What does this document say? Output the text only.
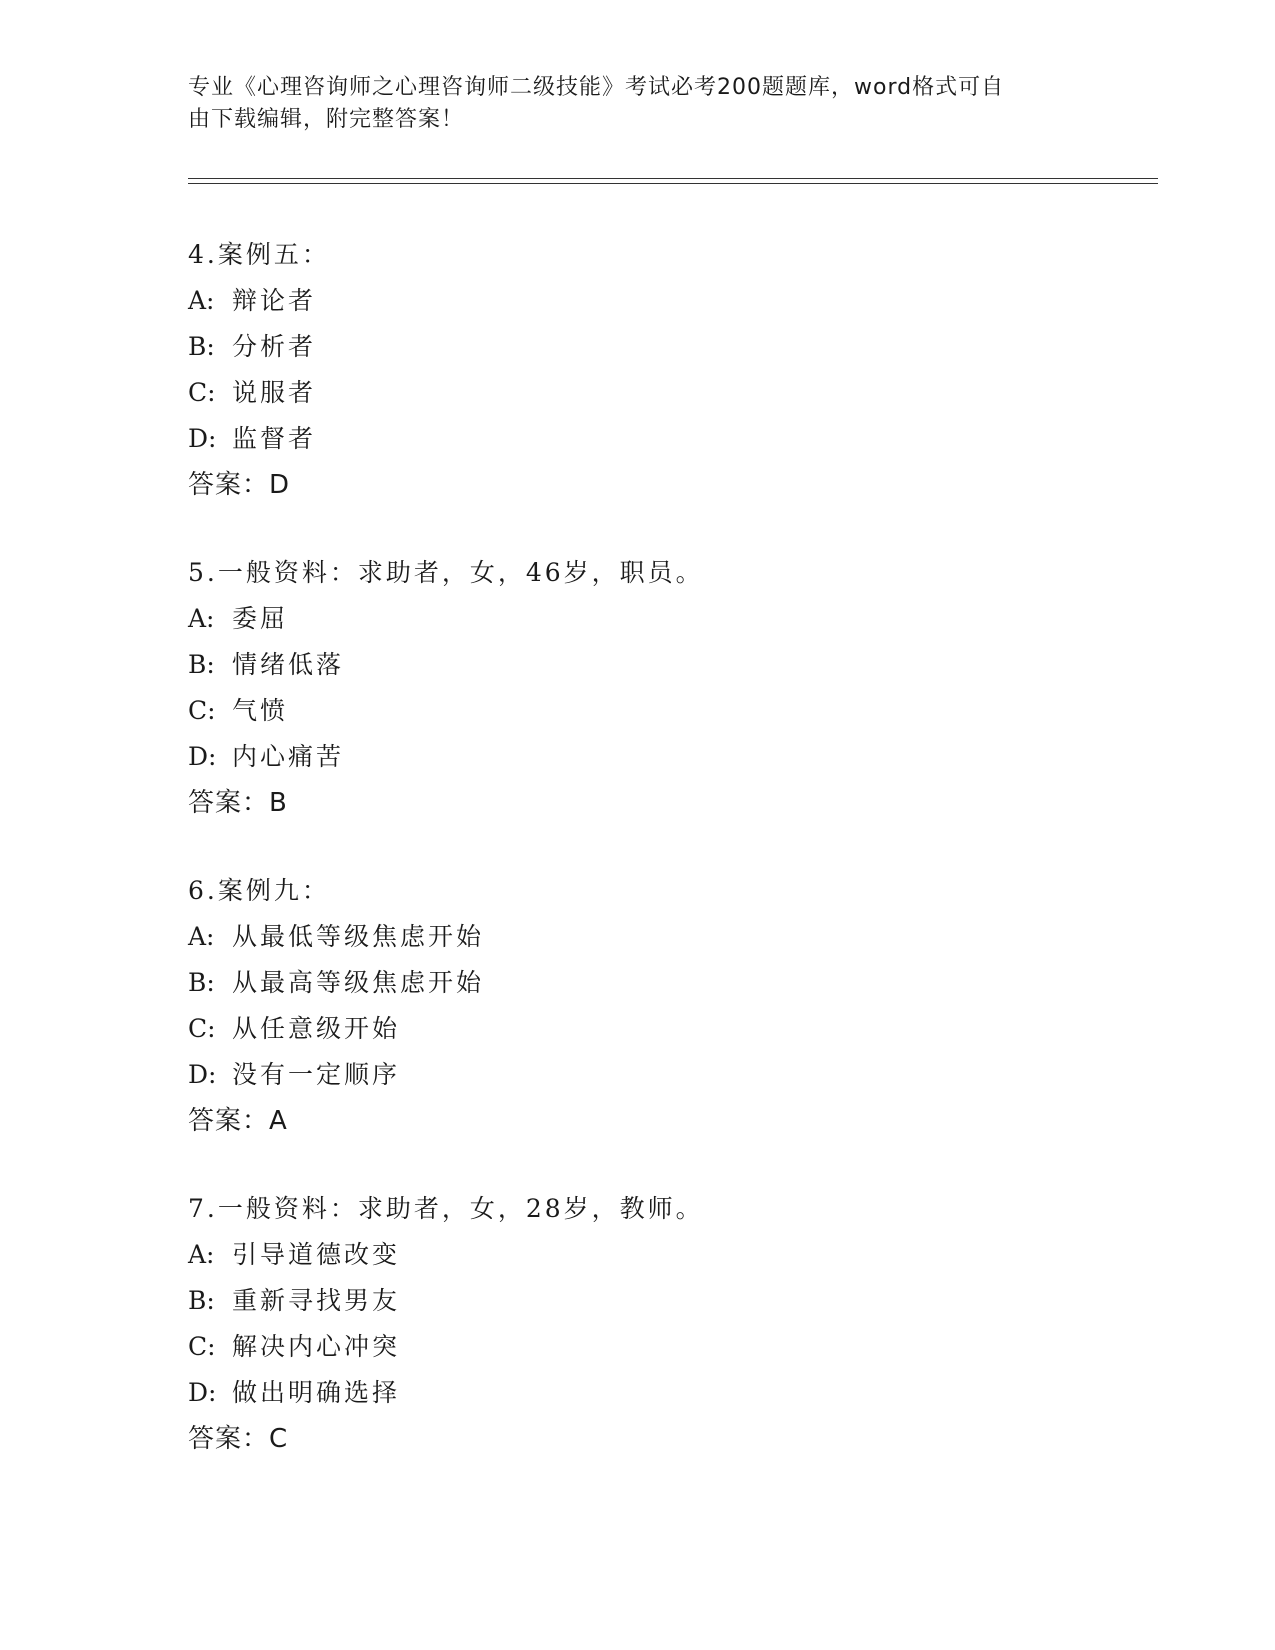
专业《心理咨询师之心理咨询师二级技能》考试必考200题题库，word格式可自
由下载编辑，附完整答案！
4.案例五：
A: 辩论者
B: 分析者
C: 说服者
D: 监督者
答案：D
5.一般资料：求助者，女，46岁，职员。
A: 委屈
B: 情绪低落
C: 气愤
D: 内心痛苦
答案：B
6.案例九：
A: 从最低等级焦虑开始
B: 从最高等级焦虑开始
C: 从任意级开始
D: 没有一定顺序
答案：A
7.一般资料：求助者，女，28岁，教师。
A: 引导道德改变
B: 重新寻找男友
C: 解决内心冲突
D: 做出明确选择
答案：C
